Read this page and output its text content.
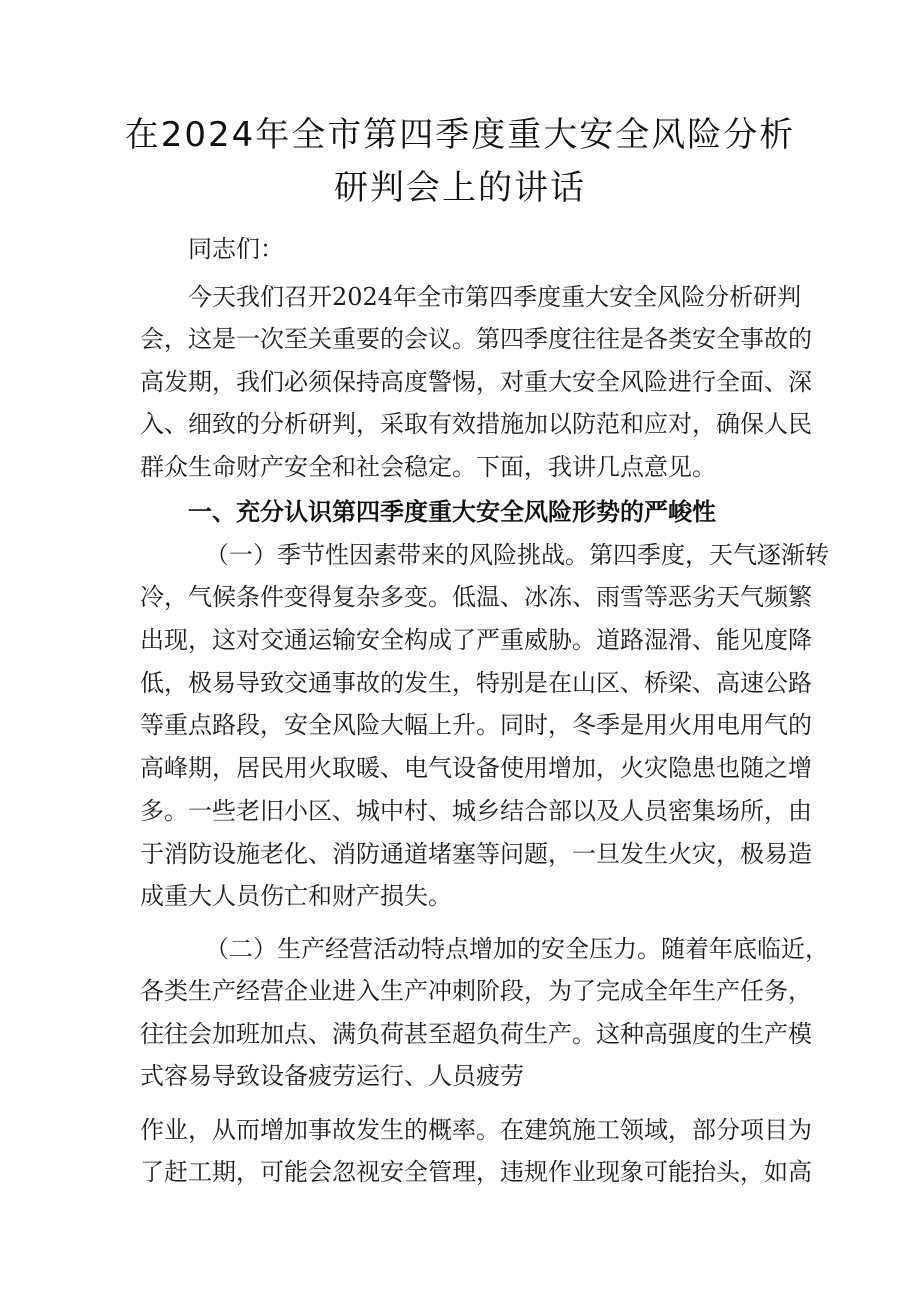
在2024年全市第四季度重大安全风险分析
研判会上的讲话
同志们：
今天我们召开2024年全市第四季度重大安全风险分析研判
会，这是一次至关重要的会议。第四季度往往是各类安全事故的
高发期，我们必须保持高度警惕，对重大安全风险进行全面、深
入、细致的分析研判，采取有效措施加以防范和应对，确保人民
群众生命财产安全和社会稳定。下面，我讲几点意见。
一、充分认识第四季度重大安全风险形势的严峻性
（一）季节性因素带来的风险挑战。第四季度，天气逐渐转
冷，气候条件变得复杂多变。低温、冰冻、雨雪等恶劣天气频繁
出现，这对交通运输安全构成了严重威胁。道路湿滑、能见度降
低，极易导致交通事故的发生，特别是在山区、桥梁、高速公路
等重点路段，安全风险大幅上升。同时，冬季是用火用电用气的
高峰期，居民用火取暖、电气设备使用增加，火灾隐患也随之增
多。一些老旧小区、城中村、城乡结合部以及人员密集场所，由
于消防设施老化、消防通道堵塞等问题，一旦发生火灾，极易造
成重大人员伤亡和财产损失。
（二）生产经营活动特点增加的安全压力。随着年底临近，
各类生产经营企业进入生产冲刺阶段，为了完成全年生产任务，
往往会加班加点、满负荷甚至超负荷生产。这种高强度的生产模
式容易导致设备疲劳运行、人员疲劳
作业，从而增加事故发生的概率。在建筑施工领域，部分项目为
了赶工期，可能会忽视安全管理，违规作业现象可能抬头，如高
